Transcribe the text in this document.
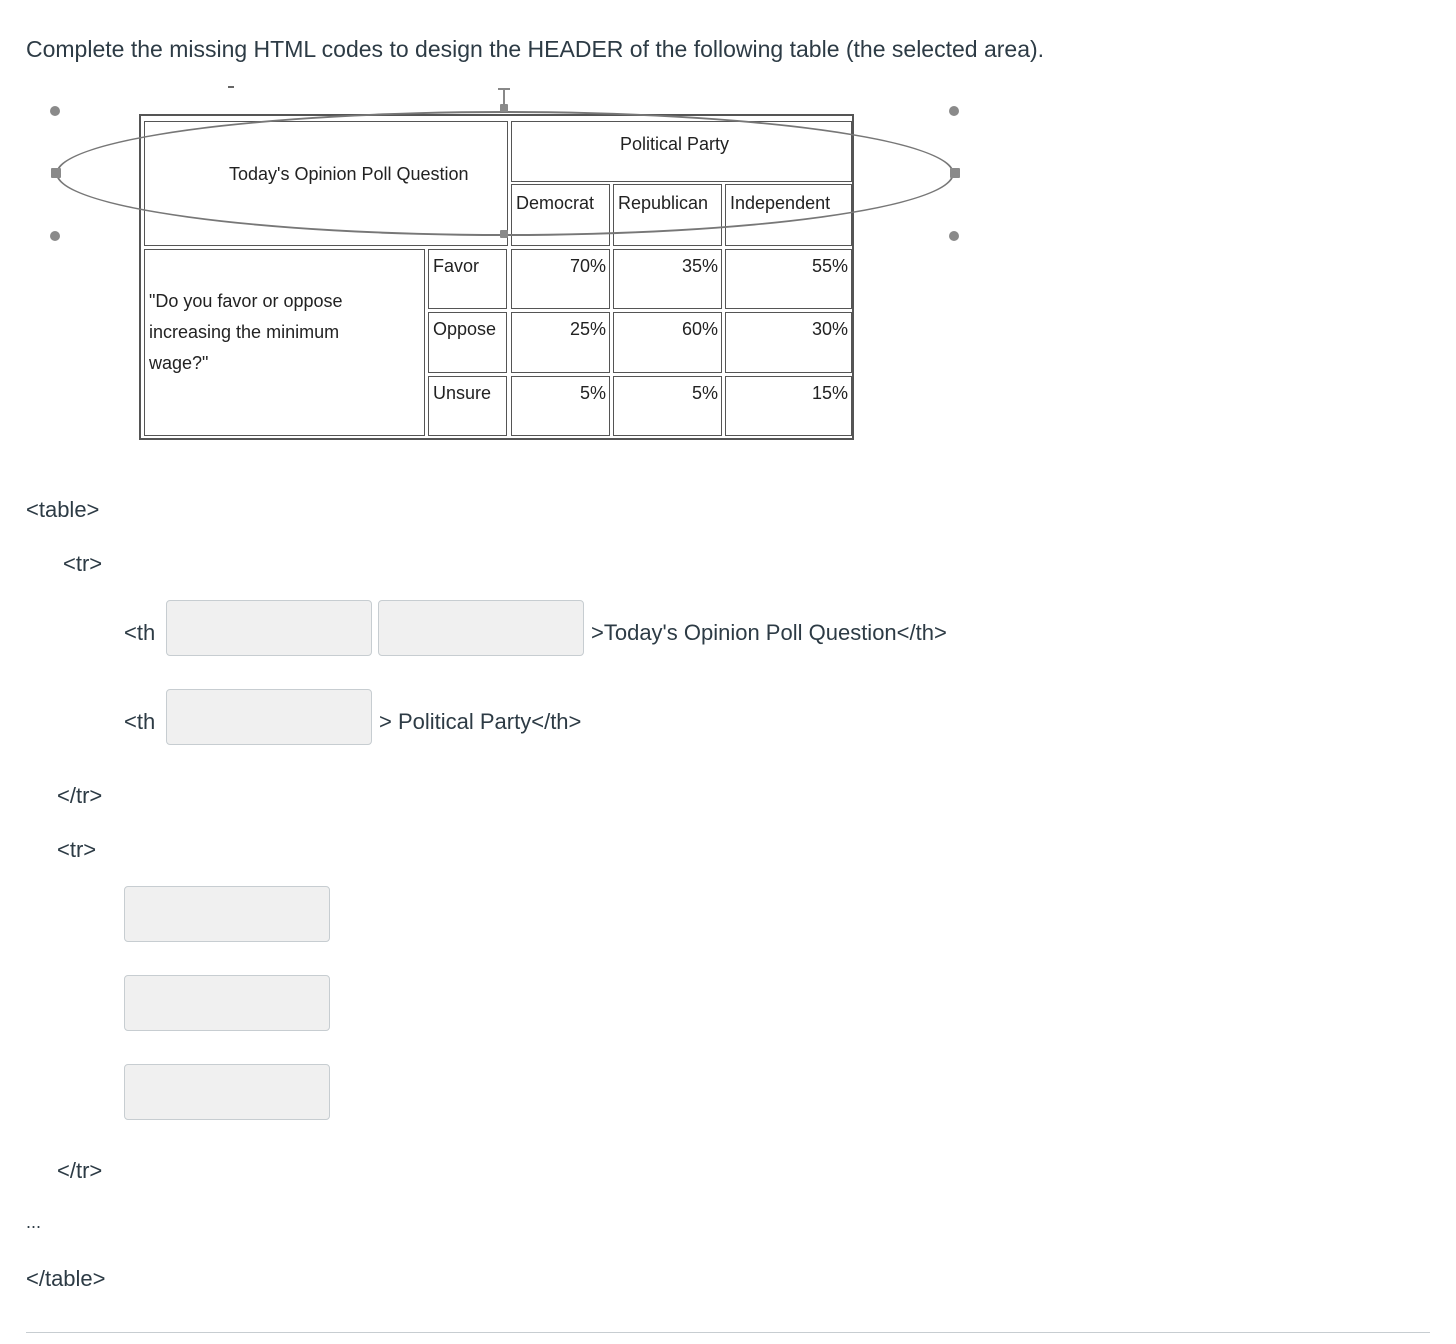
Complete the missing HTML codes to design the HEADER of the following table (the selected area).
Today's Opinion Poll Question
Political Party
Democrat Republican Independent
"Do you favor or oppose increasing the minimum wage?"
Favor	70%	35%	55%
Oppose	25%	60%	30%
Unsure	5%	5%	15%
<table>
<tr>
<th	>Today's Opinion Poll Question</th>
<th	> Political Party</th>
</tr>
<tr>
</tr>
...
</table>
